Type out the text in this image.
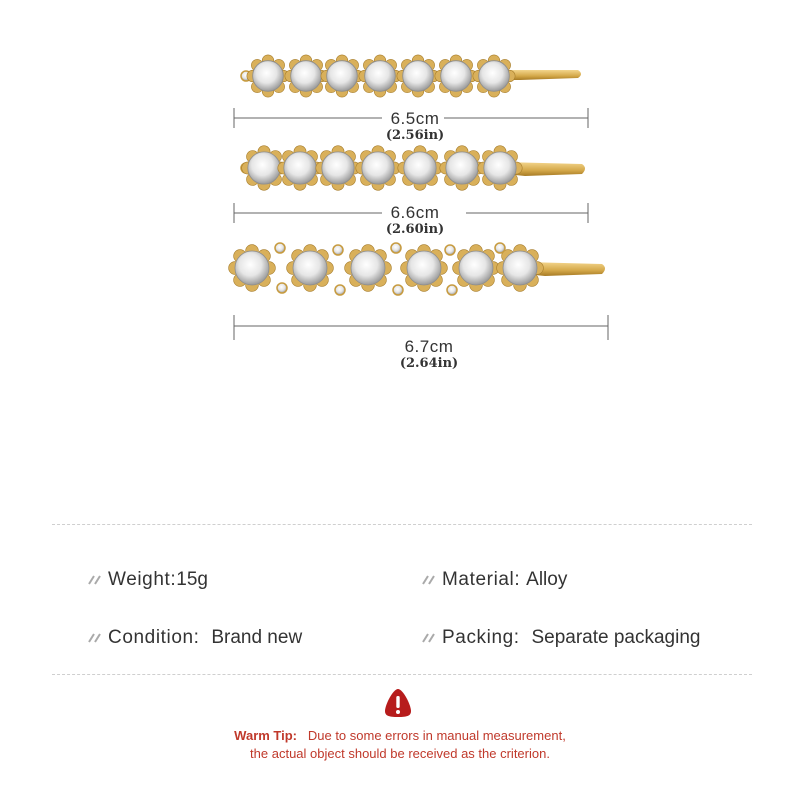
6.5cm
(2.56in)
6.6cm
(2.60in)
6.7cm
(2.64in)
Weight:15g	Material: Alloy
Condition: Brand new	Packing: Separate packaging
Warm Tip: Due to some errors in manual measurement,
the actual object should be received as the criterion.
